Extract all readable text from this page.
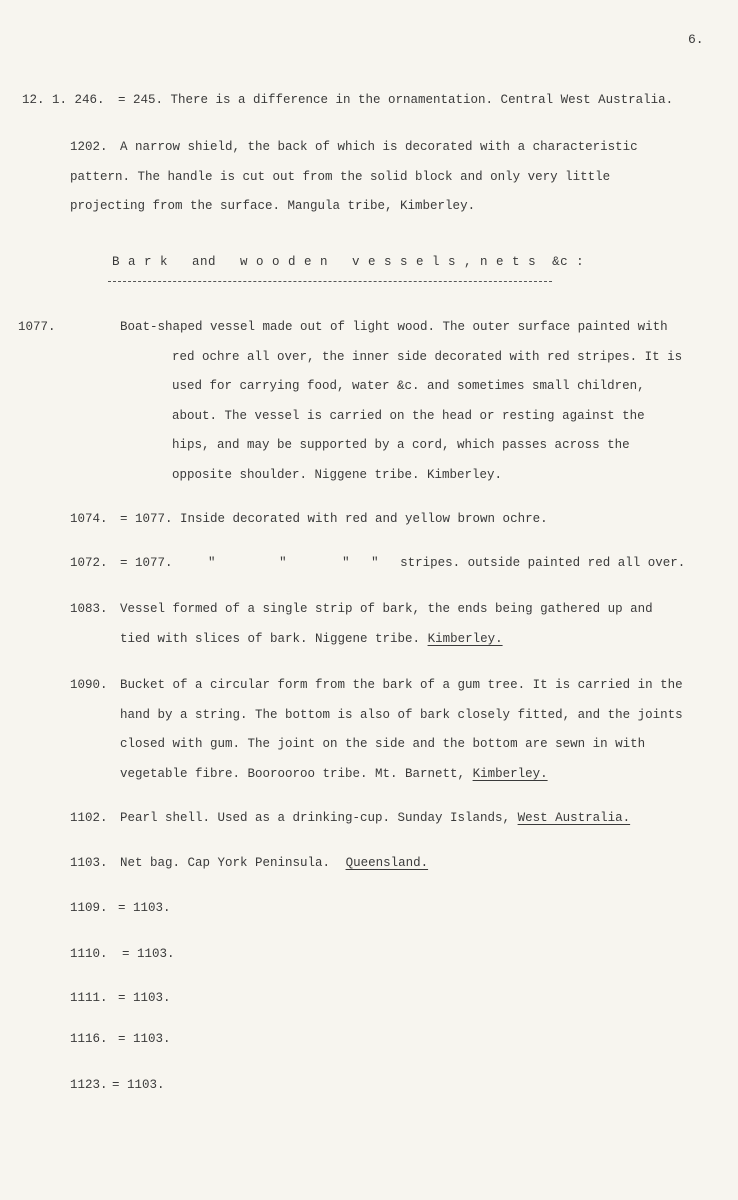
6.
12. 1. 246. = 245. There is a difference in the ornamentation. Central West Australia.
1202. A narrow shield, the back of which is decorated with a characteristic pattern. The handle is cut out from the solid block and only very little projecting from the surface. Mangula tribe, Kimberley.
B a r k   and   w o o d e n   v e s s e l s , n e t s  &c :
1077.	Boat-shaped vessel made out of light wood. The outer surface painted with red ochre all over, the inner side decorated with red stripes. It is used for carrying food, water &c. and sometimes small children, about. The vessel is carried on the head or resting against the hips, and may be supported by a cord, which passes across the opposite shoulder. Niggene tribe. Kimberley.
1074. = 1077. Inside decorated with red and yellow brown ochre.
1072. = 1077.	"	"	" " stripes. outside painted red all over.
1083. Vessel formed of a single strip of bark, the ends being gathered up and tied with slices of bark. Niggene tribe. Kimberley.
1090. Bucket of a circular form from the bark of a gum tree. It is carried in the hand by a string. The bottom is also of bark closely fitted, and the joints closed with gum. The joint on the side and the bottom are sewn in with vegetable fibre. Boorooroo tribe. Mt. Barnett, Kimberley.
1102. Pearl shell. Used as a drinking-cup. Sunday Islands, West Australia.
1103. Net bag. Cap York Peninsula. Queensland.
1109. = 1103.
1110. = 1103.
1111. = 1103.
1116. = 1103.
1123. = 1103.
